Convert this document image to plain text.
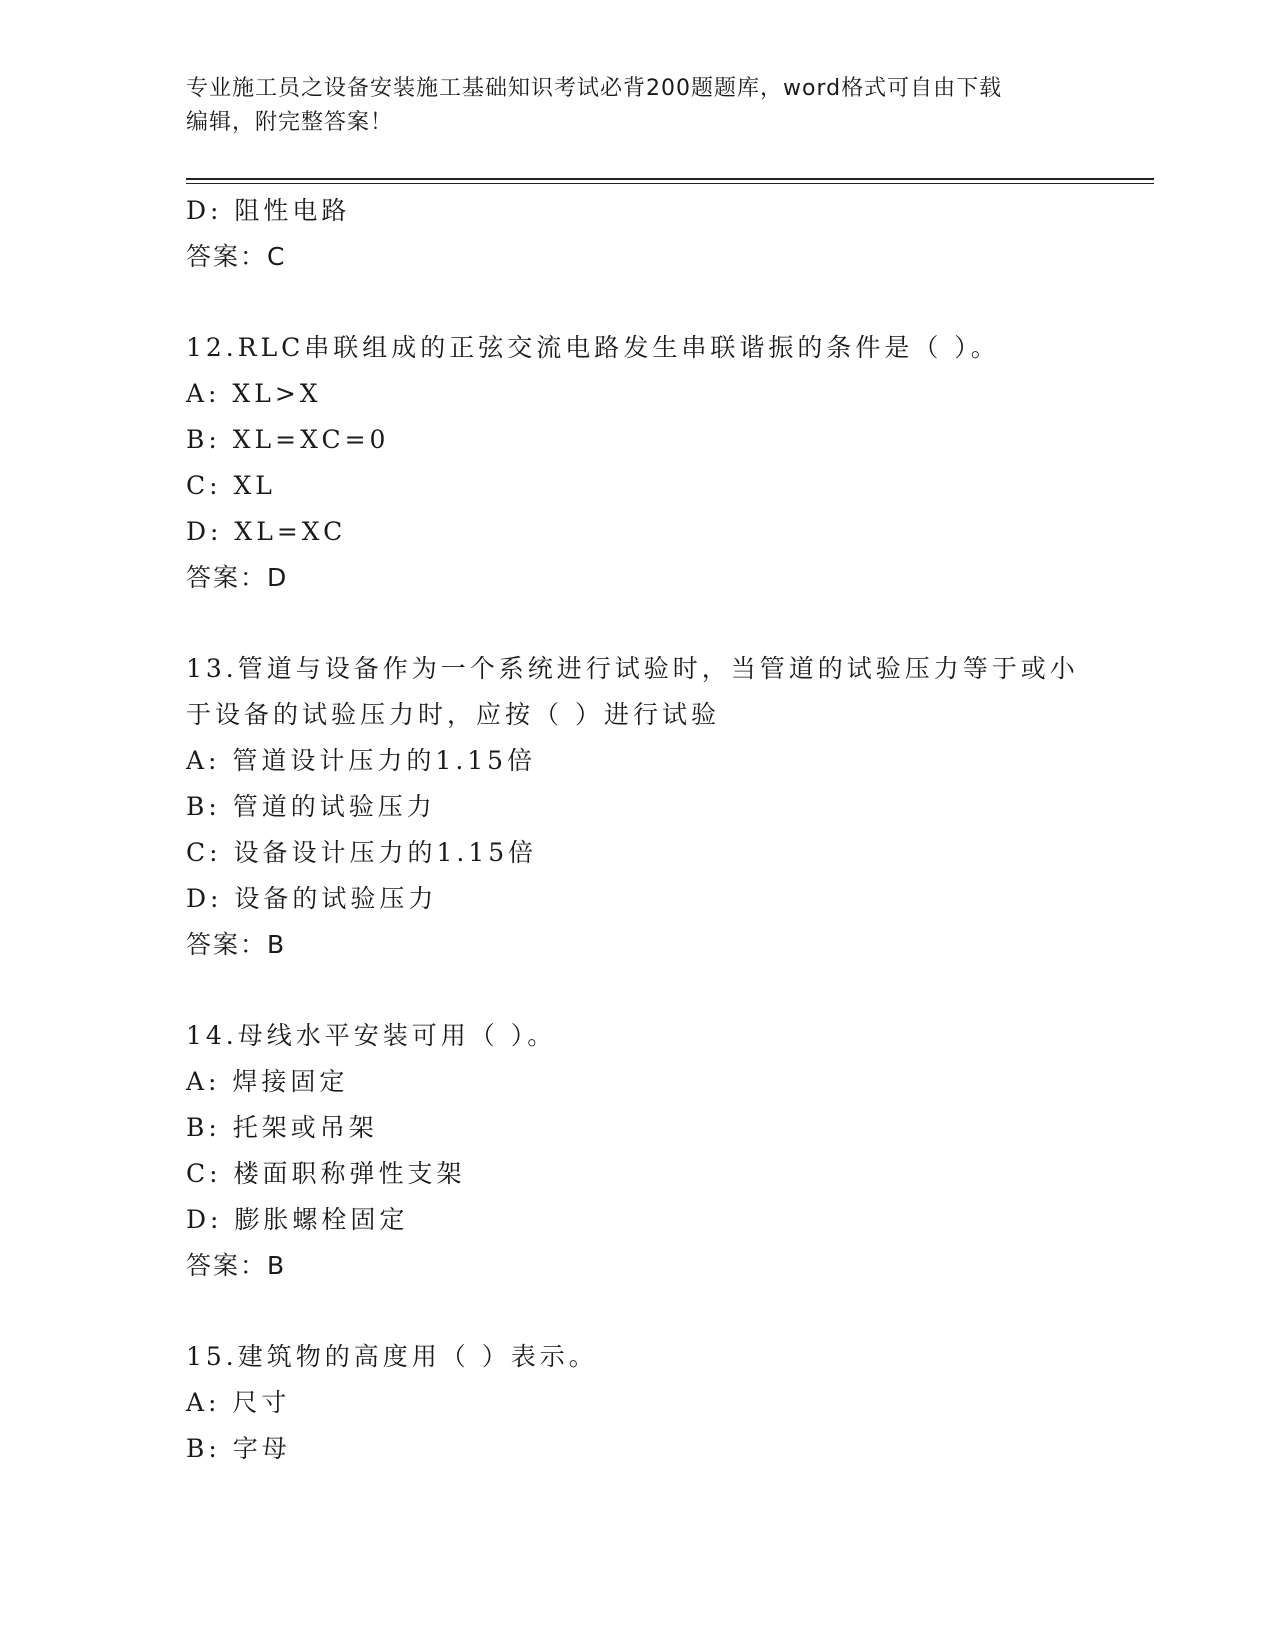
专业施工员之设备安装施工基础知识考试必背200题题库，word格式可自由下载
编辑，附完整答案！
D: 阻性电路
答案：C
12.RLC串联组成的正弦交流电路发生串联谐振的条件是（ ）。
A: XL>X
B: XL=XC=0
C: XL
D: XL=XC
答案：D
13.管道与设备作为一个系统进行试验时，当管道的试验压力等于或小
于设备的试验压力时，应按（ ）进行试验
A: 管道设计压力的1.15倍
B: 管道的试验压力
C: 设备设计压力的1.15倍
D: 设备的试验压力
答案：B
14.母线水平安装可用（ ）。
A: 焊接固定
B: 托架或吊架
C: 楼面职称弹性支架
D: 膨胀螺栓固定
答案：B
15.建筑物的高度用（ ）表示。
A: 尺寸
B: 字母
